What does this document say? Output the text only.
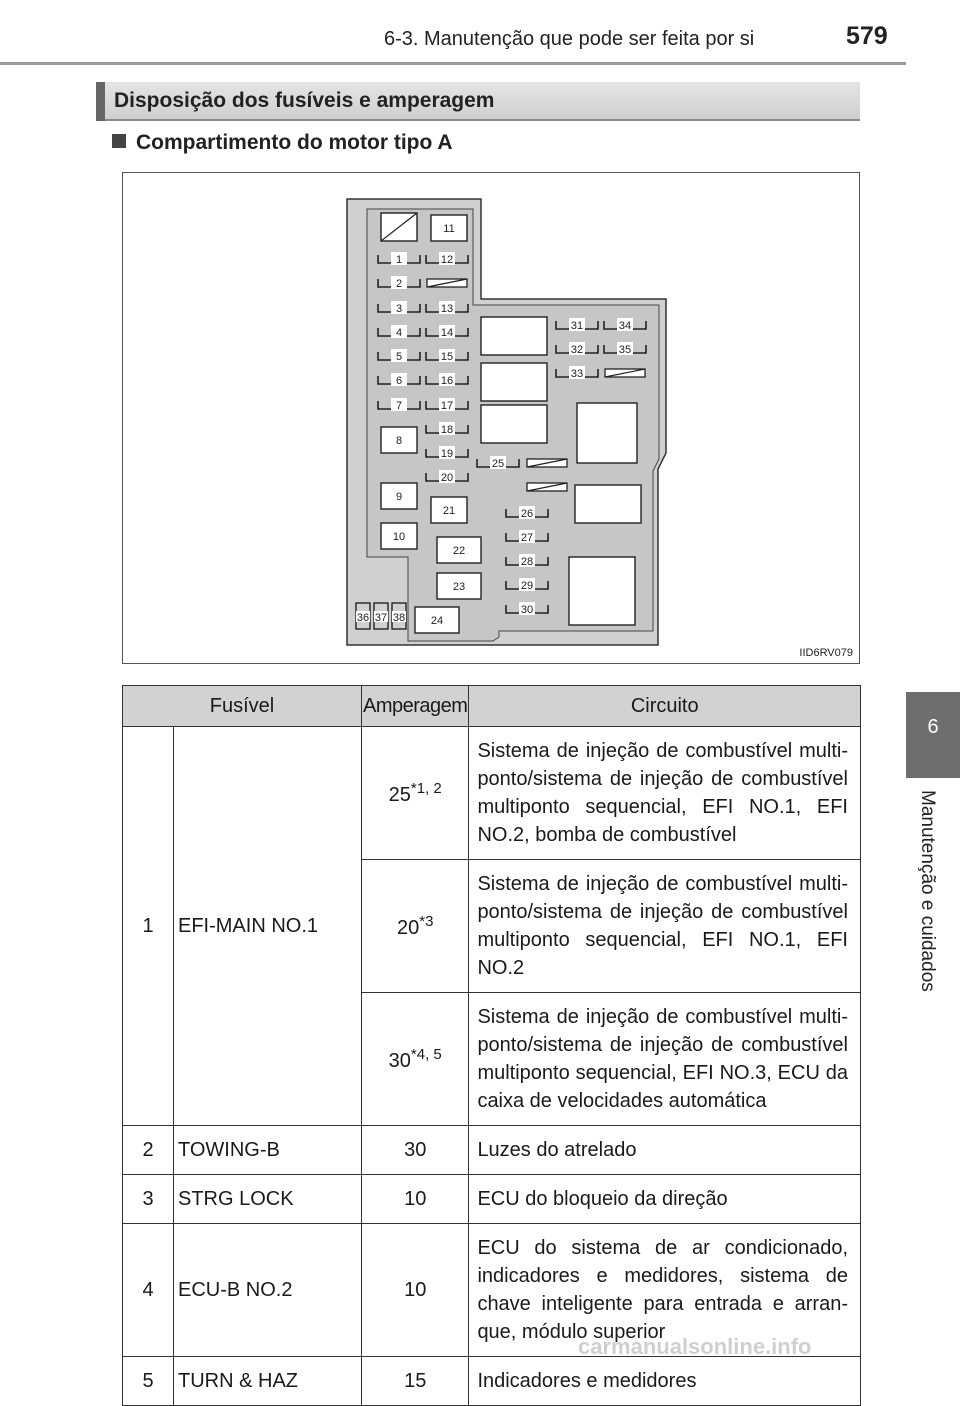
6-3. Manutenção que pode ser feita por si	579
6
Manutenção e cuidados
Disposição dos fusíveis e amperagem
Compartimento do motor tipo A
11
1
2
3
4
5
6
7
12
13
14
15
16
17
18
19
20
8
9
10
21
22
23
24
36 37 38
25
26
27
28
29
30
31
32
33
34
35
IID6RV079
Fusível		Amperagem	Circuito
1	EFI-MAIN NO.1	25$^{*1, 2}$	Sistema de injeção de combustível multi-ponto/sistema de injeção de combustível multiponto sequencial, EFI NO.1, EFI NO.2, bomba de combustível
		20$^{*3}$	Sistema de injeção de combustível multi-ponto/sistema de injeção de combustível multiponto sequencial, EFI NO.1, EFI NO.2
		30$^{*4, 5}$	Sistema de injeção de combustível multi-ponto/sistema de injeção de combustível multiponto sequencial, EFI NO.3, ECU da caixa de velocidades automática
2	TOWING-B	30	Luzes do atrelado
3	STRG LOCK	10	ECU do bloqueio da direção
4	ECU-B NO.2	10	ECU do sistema de ar condicionado, indicadores e medidores, sistema de chave inteligente para entrada e arran-que, módulo superior
5	TURN & HAZ	15	Indicadores e medidores
carmanualsonline.info
